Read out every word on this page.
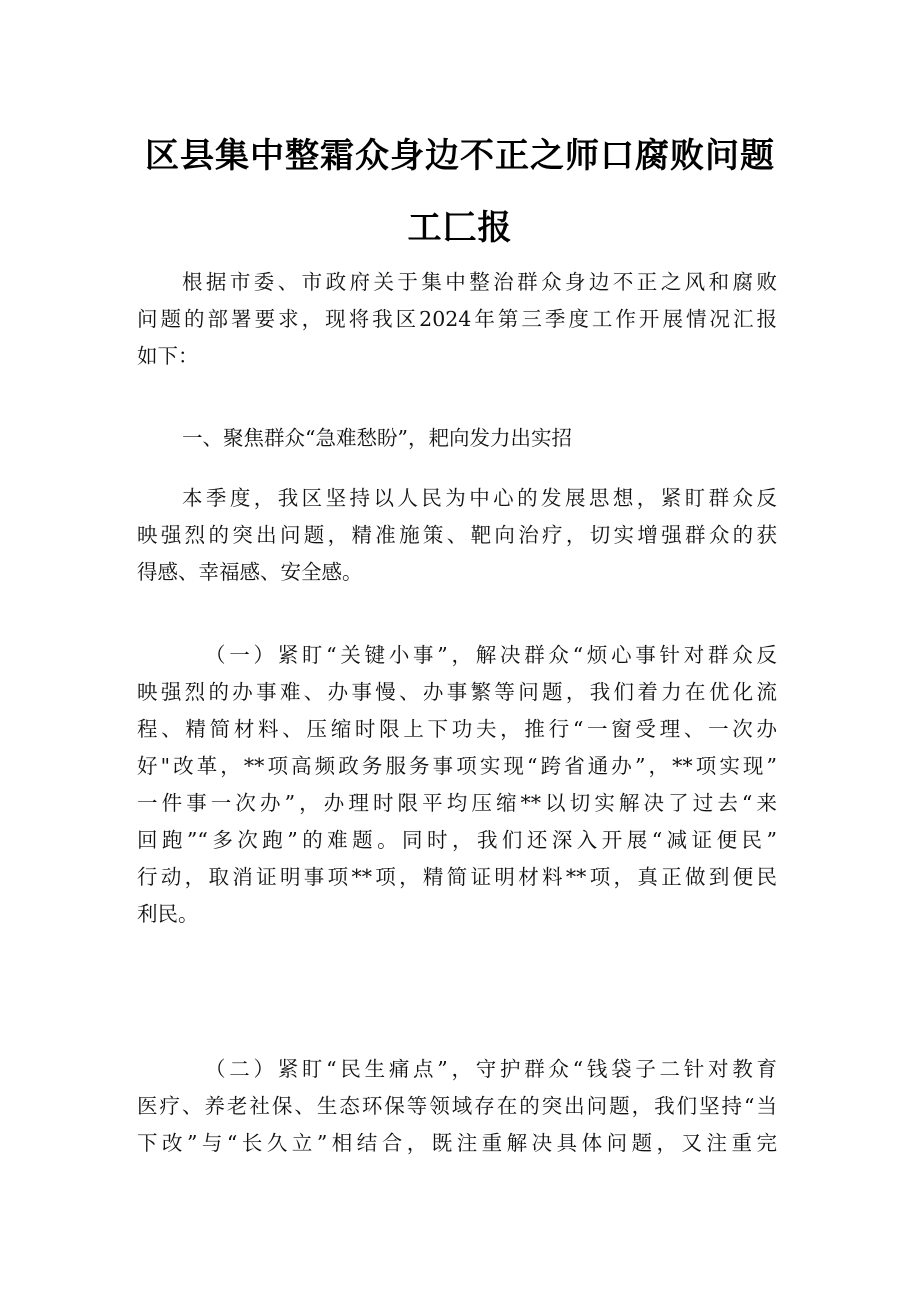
区县集中整霜众身边不正之师口腐败问题
工匚报
根据市委、市政府关于集中整治群众身边不正之风和腐败
问题的部署要求，现将我区2024年第三季度工作开展情况汇报
如下：
一、聚焦群众“急难愁盼”，耙向发力出实招
本季度，我区坚持以人民为中心的发展思想，紧盯群众反
映强烈的突出问题，精准施策、靶向治疗，切实增强群众的获
得感、幸福感、安全感。
（一）紧盯“关键小事”，解决群众“烦心事针对群众反
映强烈的办事难、办事慢、办事繁等问题，我们着力在优化流
程、精简材料、压缩时限上下功夫，推行“一窗受理、一次办
好"改革，**项高频政务服务事项实现“跨省通办”，**项实现”
一件事一次办”，办理时限平均压缩**以切实解决了过去“来
回跑”“多次跑”的难题。同时，我们还深入开展“减证便民”
行动，取消证明事项**项，精简证明材料**项，真正做到便民
利民。
（二）紧盯“民生痛点”，守护群众“钱袋子二针对教育
医疗、养老社保、生态环保等领域存在的突出问题，我们坚持“当
下改”与“长久立”相结合，既注重解决具体问题，又注重完
